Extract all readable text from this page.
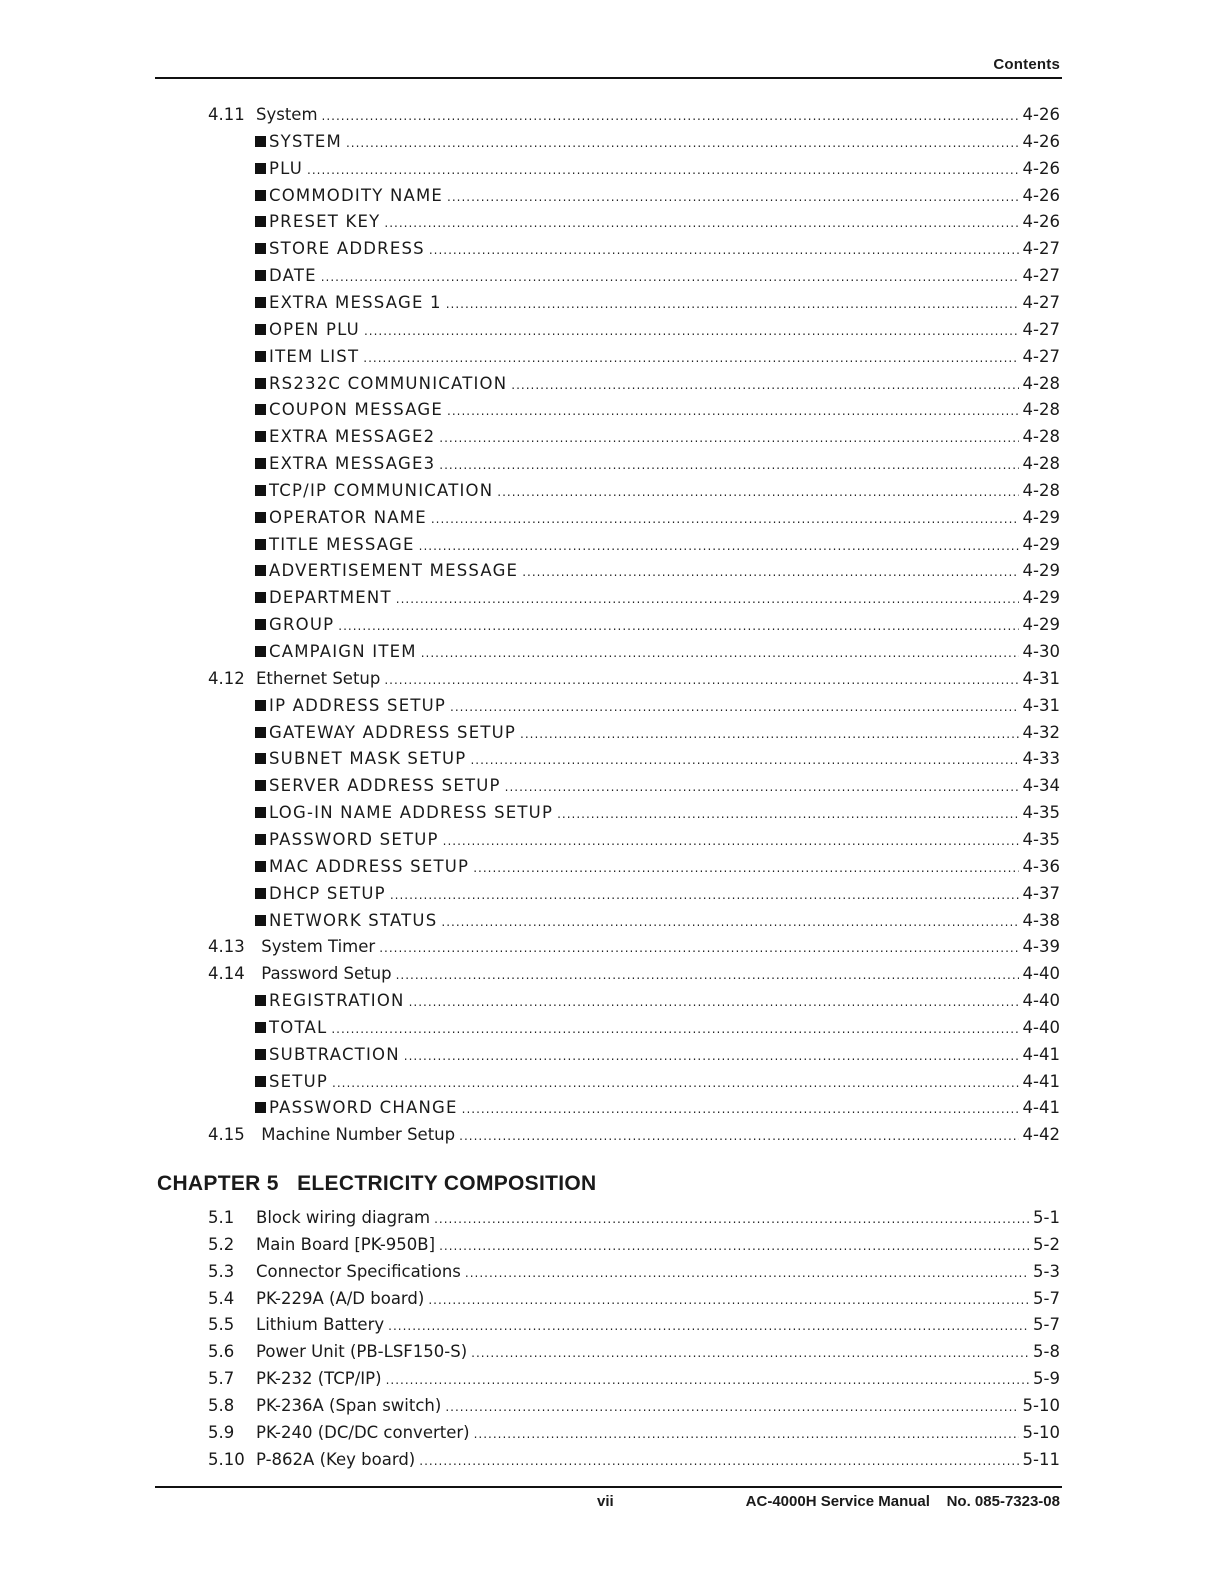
Contents
4.11 System .....	4-26
SYSTEM .....	4-26
PLU .....	4-26
COMMODITY NAME .....	4-26
PRESET KEY .....	4-26
STORE ADDRESS .....	4-27
DATE .....	4-27
EXTRA MESSAGE 1 .....	4-27
OPEN PLU .....	4-27
ITEM LIST .....	4-27
RS232C COMMUNICATION .....	4-28
COUPON MESSAGE .....	4-28
EXTRA MESSAGE2 .....	4-28
EXTRA MESSAGE3 .....	4-28
TCP/IP COMMUNICATION .....	4-28
OPERATOR NAME .....	4-29
TITLE MESSAGE .....	4-29
ADVERTISEMENT MESSAGE .....	4-29
DEPARTMENT .....	4-29
GROUP .....	4-29
CAMPAIGN ITEM .....	4-30
4.12 Ethernet Setup .....	4-31
IP ADDRESS SETUP .....	4-31
GATEWAY ADDRESS SETUP .....	4-32
SUBNET MASK SETUP .....	4-33
SERVER ADDRESS SETUP .....	4-34
LOG-IN NAME ADDRESS SETUP .....	4-35
PASSWORD SETUP .....	4-35
MAC ADDRESS SETUP .....	4-36
DHCP SETUP .....	4-37
NETWORK STATUS .....	4-38
4.13 System Timer .....	4-39
4.14 Password Setup .....	4-40
REGISTRATION .....	4-40
TOTAL .....	4-40
SUBTRACTION .....	4-41
SETUP .....	4-41
PASSWORD CHANGE .....	4-41
4.15 Machine Number Setup .....	4-42
CHAPTER 5   ELECTRICITY COMPOSITION
5.1	Block wiring diagram .....	5-1
5.2	Main Board [PK-950B] .....	5-2
5.3	Connector Specifications .....	5-3
5.4	PK-229A (A/D board) .....	5-7
5.5	Lithium Battery .....	5-7
5.6	Power Unit (PB-LSF150-S) .....	5-8
5.7	PK-232 (TCP/IP) .....	5-9
5.8	PK-236A (Span switch) .....	5-10
5.9	PK-240 (DC/DC converter) .....	5-10
5.10 P-862A (Key board) .....	5-11
vii	AC-4000H Service Manual    No. 085-7323-08
